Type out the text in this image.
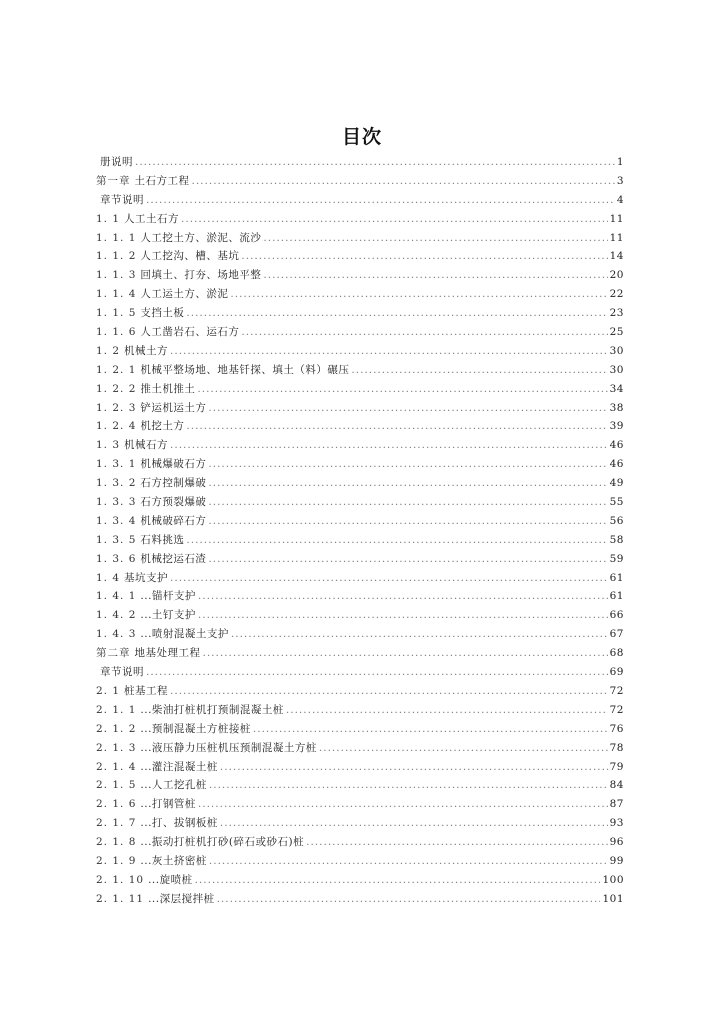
目次
册说明 .....	1
第一章 土石方工程 .....	3
章节说明 .....	4
1. 1 人工土石方 .....	11
1. 1. 1 人工挖土方、淤泥、流沙 .....	11
1. 1. 2 人工挖沟、槽、基坑 .....	14
1. 1. 3 回填土、打夯、场地平整 .....	20
1. 1. 4 人工运土方、淤泥 .....	22
1. 1. 5 支挡土板 .....	23
1. 1. 6 人工凿岩石、运石方 .....	25
1. 2 机械土方 .....	30
1. 2. 1 机械平整场地、地基钎探、填土（料）碾压 .....	30
1. 2. 2 推土机推土 .....	34
1. 2. 3 铲运机运土方 .....	38
1. 2. 4 机挖土方 .....	39
1. 3 机械石方 .....	46
1. 3. 1 机械爆破石方 .....	46
1. 3. 2 石方控制爆破 .....	49
1. 3. 3 石方预裂爆破 .....	55
1. 3. 4 机械破碎石方 .....	56
1. 3. 5 石料挑选 .....	58
1. 3. 6 机械挖运石渣 .....	59
1. 4 基坑支护 .....	61
1. 4. 1 ...锚杆支护 .....	61
1. 4. 2 ...土钉支护 .....	66
1. 4. 3 ...喷射混凝土支护 .....	67
第二章 地基处理工程 .....	68
章节说明 .....	69
2. 1 桩基工程 .....	72
2. 1. 1 ...柴油打桩机打预制混凝土桩 .....	72
2. 1. 2 ...预制混凝土方桩接桩 .....	76
2. 1. 3 ...液压静力压桩机压预制混凝土方桩 .....	78
2. 1. 4 ...灌注混凝土桩 .....	79
2. 1. 5 ...人工挖孔桩 .....	84
2. 1. 6 ...打钢管桩 .....	87
2. 1. 7 ...打、拔钢板桩 .....	93
2. 1. 8 ...振动打桩机打砂(碎石或砂石)桩 .....	96
2. 1. 9 ...灰土挤密桩 .....	99
2. 1. 10 ...旋喷桩 .....	100
2. 1. 11 ...深层搅拌桩 .....	101
